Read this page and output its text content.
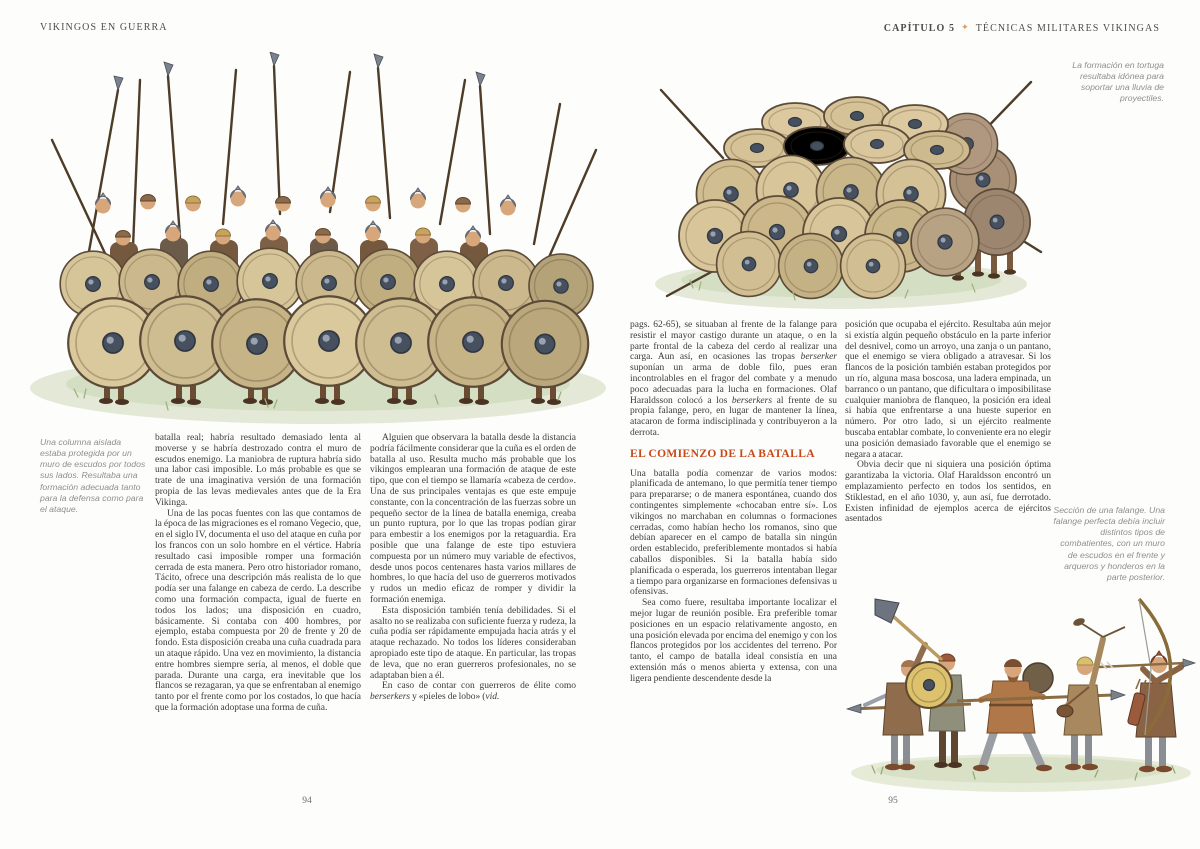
VIKINGOS EN GUERRA	CAPÍTULO 5 ✦ TÉCNICAS MILITARES VIKINGAS
Una columna aislada estaba protegida por un muro de escudos por todos sus lados. Resultaba una formación adecuada tanto para la defensa como para el ataque.

batalla real; habría resultado demasiado lenta al moverse y se habría destrozado contra el muro de escudos enemigo. La maniobra de ruptura habría sido una labor casi imposible. Lo más probable es que se trate de una imaginativa versión de una formación propia de las levas medievales antes que de la Era Vikinga.

Una de las pocas fuentes con las que contamos de la época de las migraciones es el romano Vegecio, que, en el siglo IV, documenta el uso del ataque en cuña por los francos con un solo hombre en el vértice. Habría resultado casi imposible romper una formación cerrada de esta manera. Pero otro historiador romano, Tácito, ofrece una descripción más realista de lo que podía ser una falange en cabeza de cerdo. La describe como una formación compacta, igual de fuerte en todos los lados; una disposición en cuadro, básicamente. Si contaba con 400 hombres, por ejemplo, estaba compuesta por 20 de frente y 20 de fondo. Esta disposición creaba una cuña cuadrada para un ataque rápido. Una vez en movimiento, la distancia entre hombres siempre sería, al menos, el doble que parada. Durante una carga, era inevitable que los flancos se rezagaran, ya que se enfrentaban al enemigo tanto por el frente como por los costados, lo que hacía que la formación adoptase una forma de cuña.

Alguien que observara la batalla desde la distancia podría fácilmente considerar que la cuña es el orden de batalla al uso. Resulta mucho más probable que los vikingos emplearan una formación de ataque de este tipo, que con el tiempo se llamaría «cabeza de cerdo». Una de sus principales ventajas es que este empuje constante, con la concentración de las fuerzas sobre un pequeño sector de la línea de batalla enemiga, creaba un punto ruptura, por lo que las tropas podían girar para embestir a los enemigos por la retaguardia. Era posible que una falange de este tipo estuviera compuesta por un número muy variable de efectivos, desde unos pocos centenares hasta varios millares de hombres, lo que hacía del uso de guerreros motivados y rudos un medio eficaz de romper y dividir la formación enemiga.

Esta disposición también tenía debilidades. Si el asalto no se realizaba con suficiente fuerza y rudeza, la cuña podía ser rápidamente empujada hacia atrás y el ataque rechazado. No todos los líderes consideraban apropiado este tipo de ataque. En particular, las tropas de leva, que no eran guerreros profesionales, no se adaptaban bien a él.

En caso de contar con guerreros de élite como berserkers y «pieles de lobo» (vid.

94
La formación en tortuga resultaba idónea para soportar una lluvia de proyectiles.

pags. 62-65), se situaban al frente de la falange para resistir el mayor castigo durante un ataque, o en la parte frontal de la cabeza del cerdo al realizar una carga. Aun así, en ocasiones las tropas berserker suponían un arma de doble filo, pues eran incontrolables en el fragor del combate y a menudo poco adecuadas para la lucha en formaciones. Olaf Haraldsson colocó a los berserkers al frente de su propia falange, pero, en lugar de mantener la línea, atacaron de forma indisciplinada y contribuyeron a la derrota.

EL COMIENZO DE LA BATALLA

Una batalla podía comenzar de varios modos: planificada de antemano, lo que permitía tener tiempo para prepararse; o de manera espontánea, cuando dos contingentes simplemente «chocaban entre sí». Los vikingos no marchaban en columnas o formaciones cerradas, como habían hecho los romanos, sino que debían aparecer en el campo de batalla sin ningún orden establecido, preferiblemente montados si había caballos disponibles. Si la batalla había sido planificada o esperada, los guerreros intentaban llegar a tiempo para organizarse en formaciones defensivas u ofensivas.

Sea como fuere, resultaba importante localizar el mejor lugar de reunión posible. Era preferible tomar posiciones en un espacio relativamente angosto, en una posición elevada por encima del enemigo y con los flancos protegidos por los accidentes del terreno. Por tanto, el campo de batalla ideal consistía en una extensión más o menos abierta y extensa, con una ligera pendiente descendente desde la

posición que ocupaba el ejército. Resultaba aún mejor si existía algún pequeño obstáculo en la parte inferior del desnivel, como un arroyo, una zanja o un pantano, que el enemigo se viera obligado a atravesar. Si los flancos de la posición también estaban protegidos por un río, alguna masa boscosa, una ladera empinada, un barranco o un pantano, que dificultara o imposibilitase cualquier maniobra de flanqueo, la posición era ideal si había que enfrentarse a una hueste superior en número. Por otro lado, si un ejército realmente buscaba entablar combate, lo conveniente era no elegir una posición demasiado favorable que el enemigo se negara a atacar.

Obvia decir que ni siquiera una posición óptima garantizaba la victoria. Olaf Haraldsson encontró un emplazamiento perfecto en todos los sentidos, en Stiklestad, en el año 1030, y, aun así, fue derrotado. Existen infinidad de ejemplos acerca de ejércitos asentados

Sección de una falange. Una falange perfecta debía incluir distintos tipos de combatientes, con un muro de escudos en el frente y arqueros y honderos en la parte posterior.
95
